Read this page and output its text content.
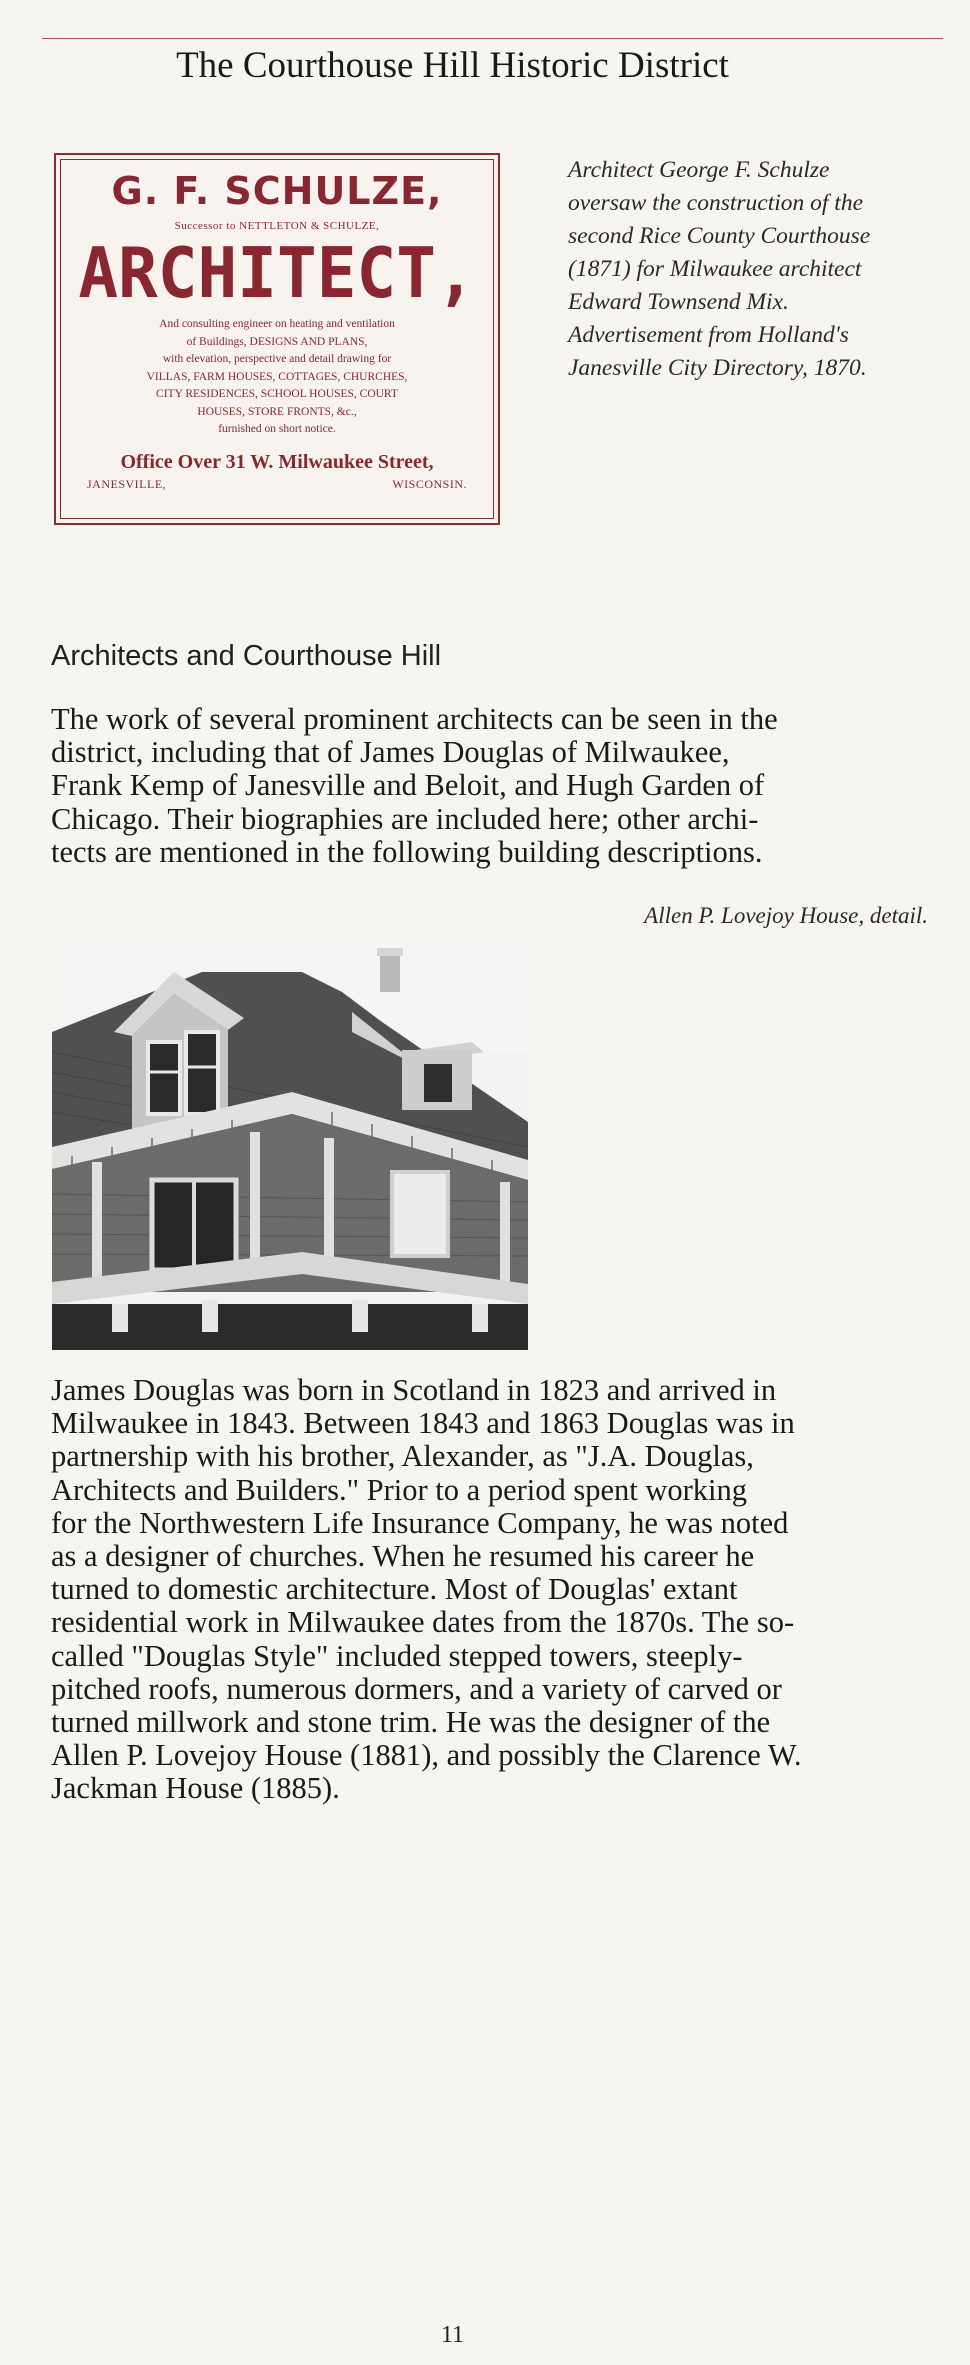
The Courthouse Hill Historic District
G. F. SCHULZE,
Successor to NETTLETON & SCHULZE,
ARCHITECT,
And consulting engineer on heating and ventilation
of Buildings, DESIGNS AND PLANS,
with elevation, perspective and detail drawing for
VILLAS, FARM HOUSES, COTTAGES, CHURCHES,
CITY RESIDENCES, SCHOOL HOUSES, COURT
HOUSES, STORE FRONTS, &c.,
furnished on short notice.
Office Over 31 W. Milwaukee Street,
JANESVILLE,	WISCONSIN.
Architect George F. Schulze
oversaw the construction of the
second Rice County Courthouse
(1871) for Milwaukee architect
Edward Townsend Mix.
Advertisement from Holland's
Janesville City Directory, 1870.
Architects and Courthouse Hill
The work of several prominent architects can be seen in the
district, including that of James Douglas of Milwaukee,
Frank Kemp of Janesville and Beloit, and Hugh Garden of
Chicago. Their biographies are included here; other archi-
tects are mentioned in the following building descriptions.
Allen P. Lovejoy House, detail.
James Douglas was born in Scotland in 1823 and arrived in
Milwaukee in 1843. Between 1843 and 1863 Douglas was in
partnership with his brother, Alexander, as "J.A. Douglas,
Architects and Builders." Prior to a period spent working
for the Northwestern Life Insurance Company, he was noted
as a designer of churches. When he resumed his career he
turned to domestic architecture. Most of Douglas' extant
residential work in Milwaukee dates from the 1870s. The so-
called "Douglas Style" included stepped towers, steeply-
pitched roofs, numerous dormers, and a variety of carved or
turned millwork and stone trim. He was the designer of the
Allen P. Lovejoy House (1881), and possibly the Clarence W.
Jackman House (1885).
11
